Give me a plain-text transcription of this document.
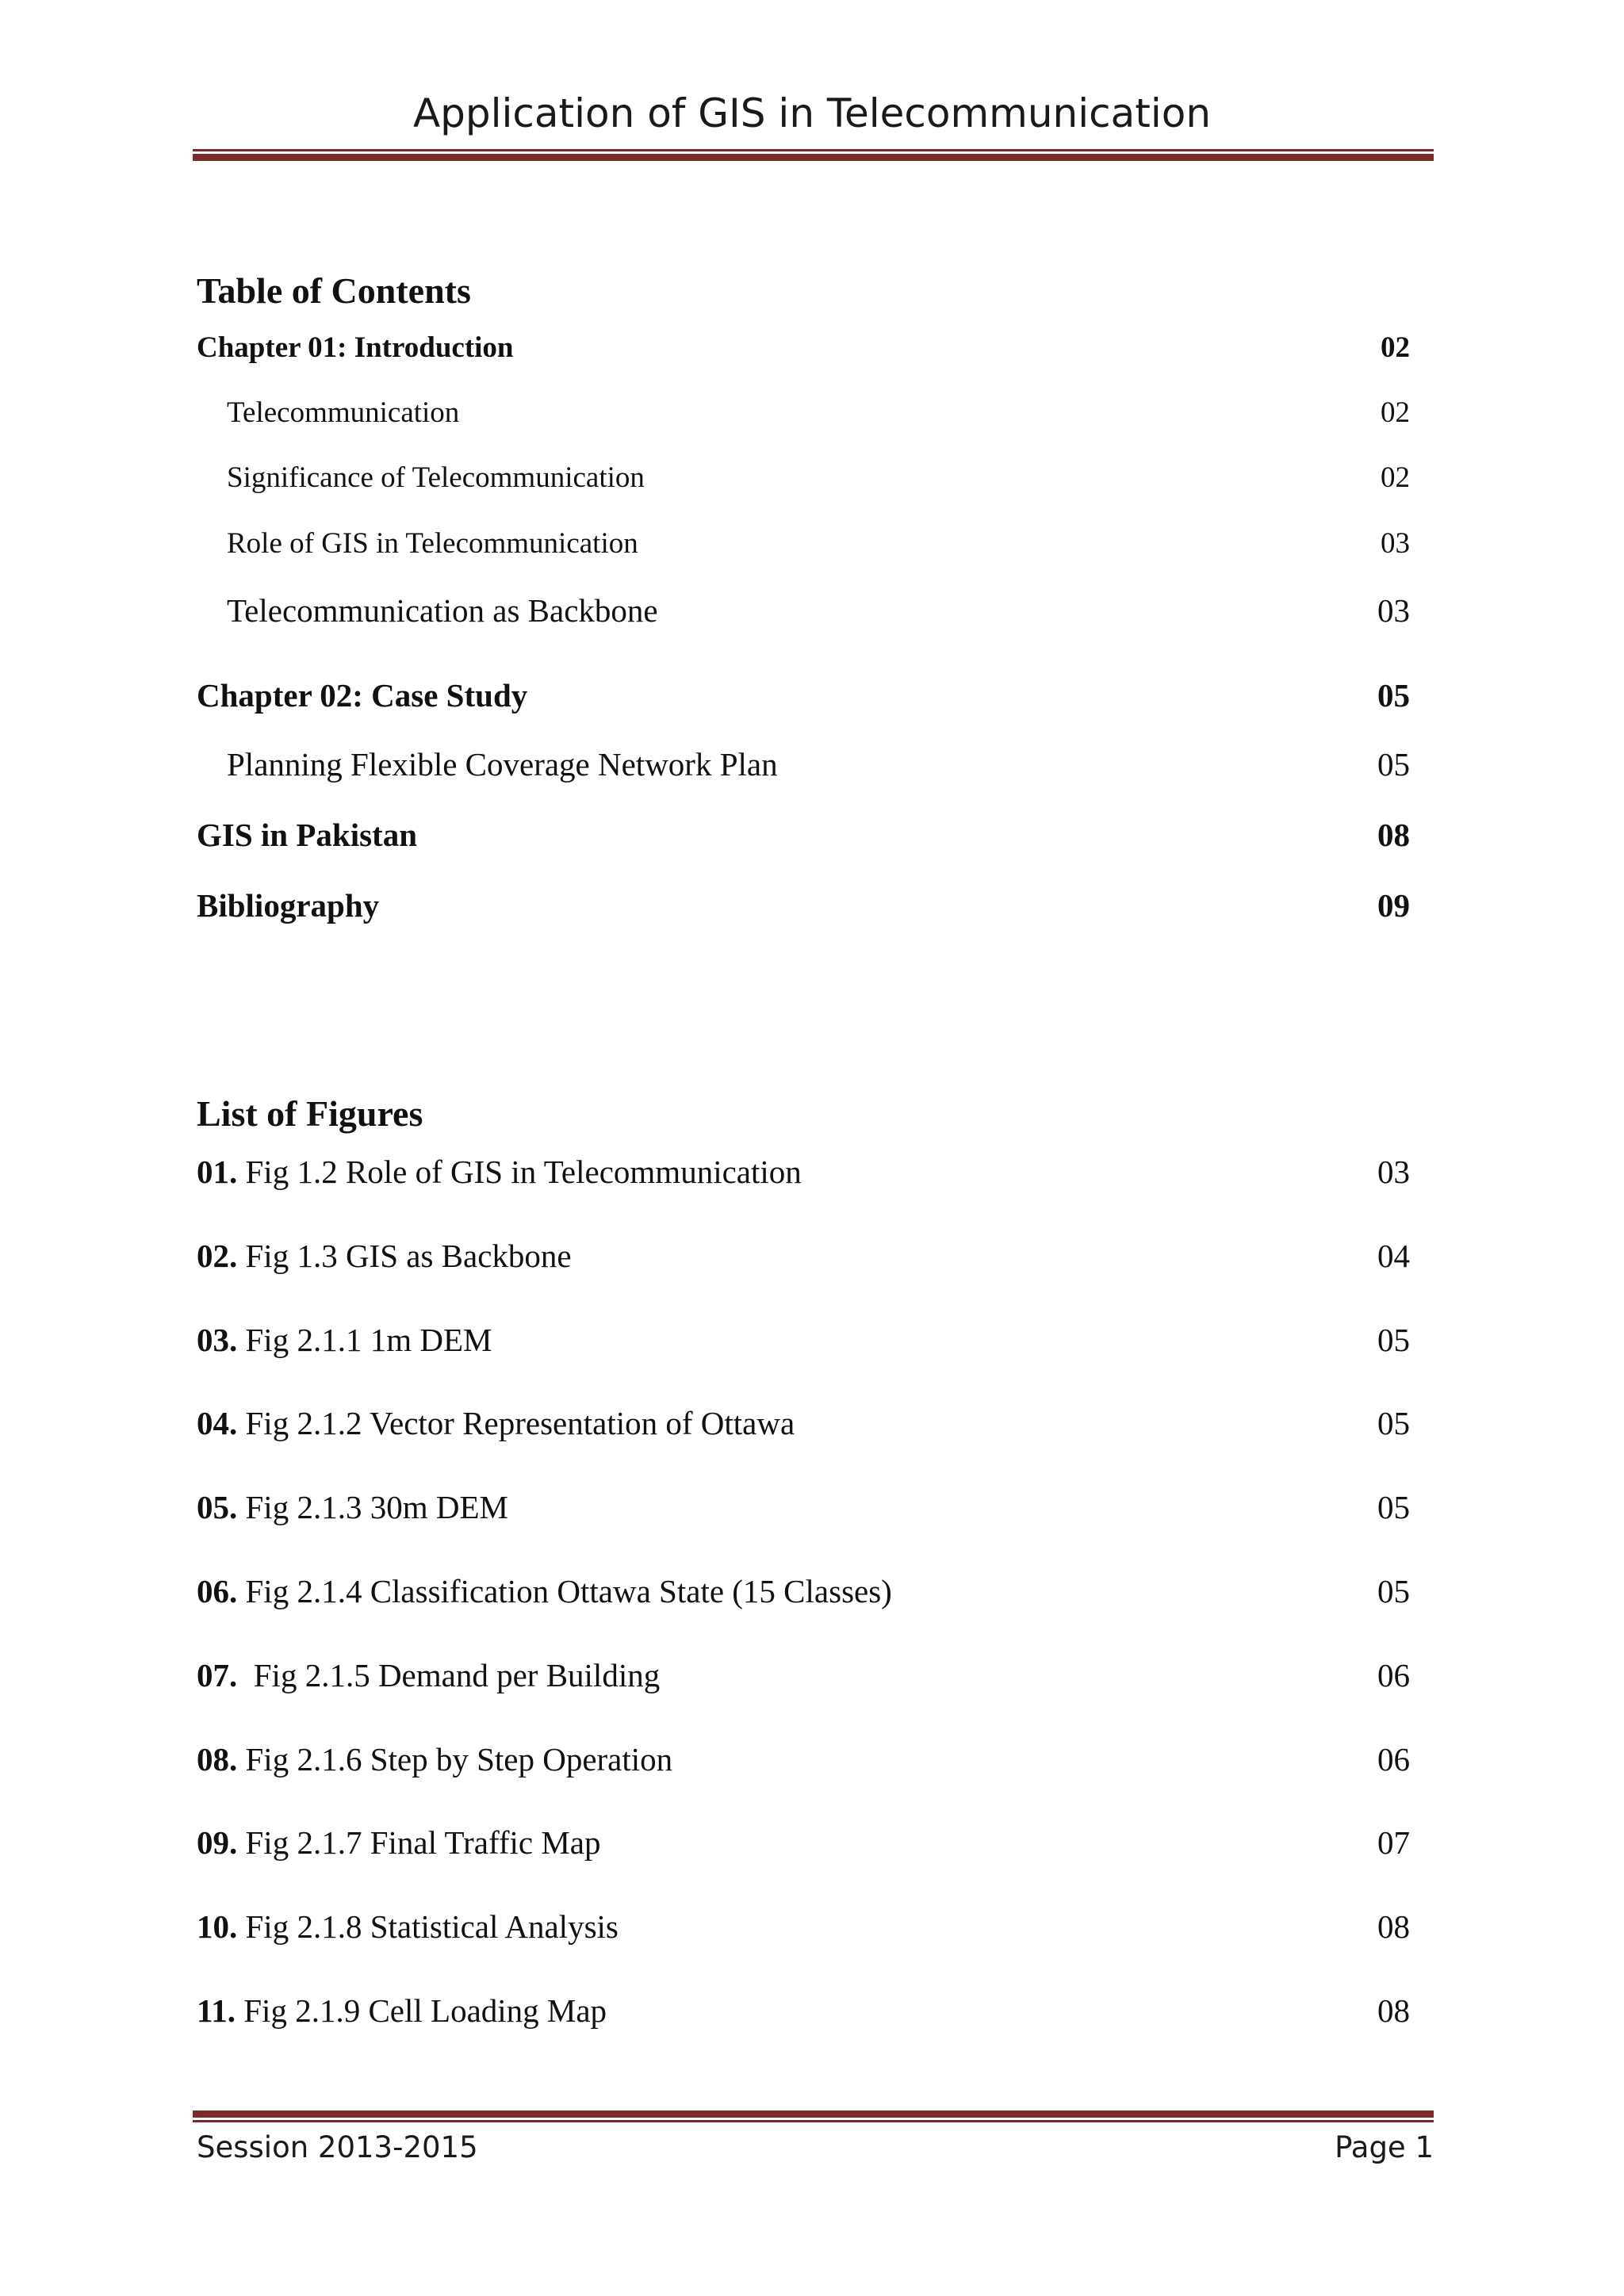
Application of GIS in Telecommunication
Table of Contents
Chapter 01: Introduction	02
Telecommunication	02
Significance of Telecommunication	02
Role of GIS in Telecommunication	03
Telecommunication as Backbone	03
Chapter 02: Case Study	05
Planning Flexible Coverage Network Plan	05
GIS in Pakistan	08
Bibliography	09
List of Figures
01. Fig 1.2 Role of GIS in Telecommunication	03
02. Fig 1.3 GIS as Backbone	04
03. Fig 2.1.1 1m DEM	05
04. Fig 2.1.2 Vector Representation of Ottawa	05
05. Fig 2.1.3 30m DEM	05
06. Fig 2.1.4 Classification Ottawa State (15 Classes)	05
07.  Fig 2.1.5 Demand per Building	06
08. Fig 2.1.6 Step by Step Operation	06
09. Fig 2.1.7 Final Traffic Map	07
10. Fig 2.1.8 Statistical Analysis	08
11. Fig 2.1.9 Cell Loading Map	08
Session 2013-2015	Page 1
